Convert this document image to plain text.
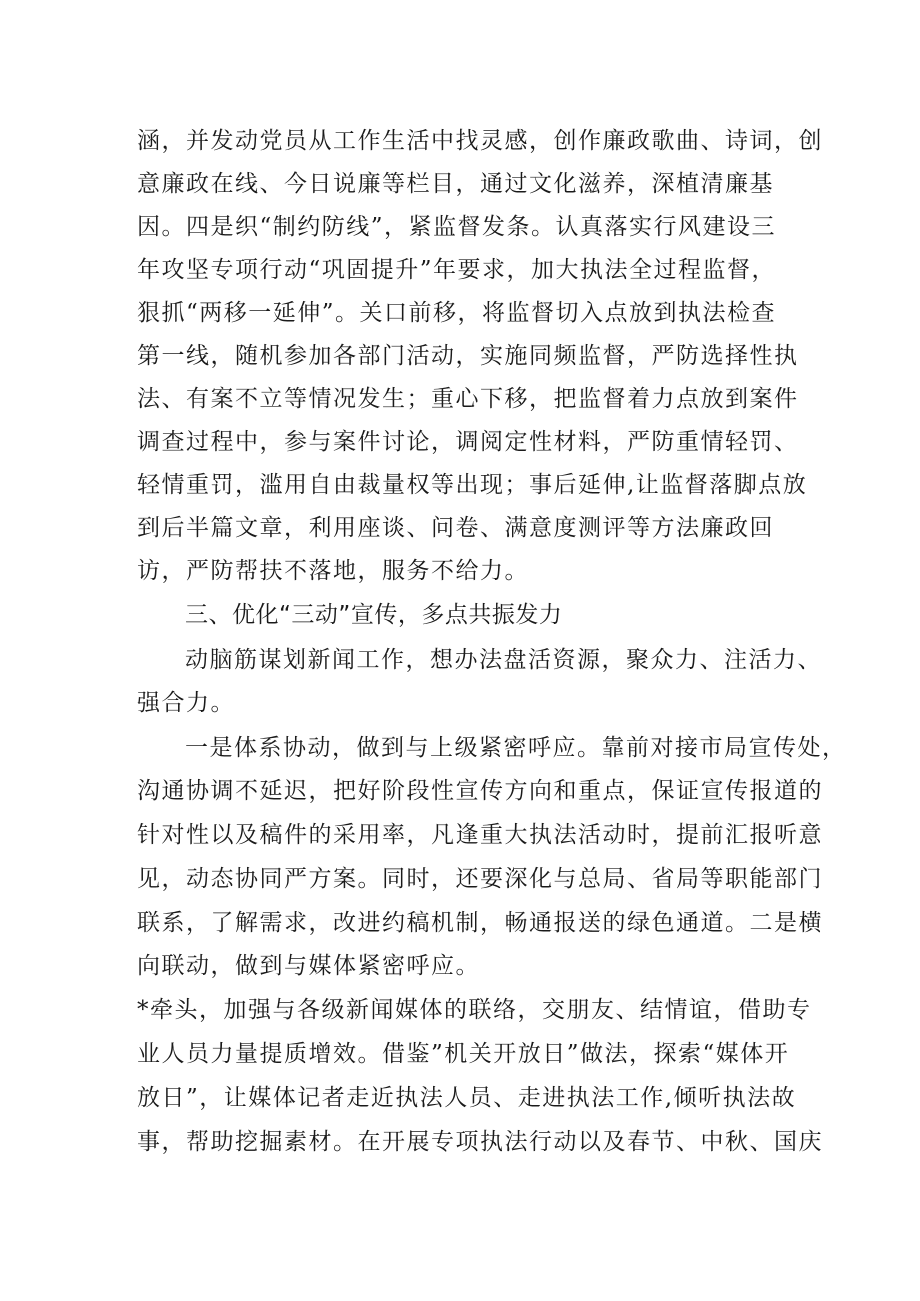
涵，并发动党员从工作生活中找灵感，创作廉政歌曲、诗词，创
意廉政在线、今日说廉等栏目，通过文化滋养，深植清廉基
因。四是织“制约防线”，紧监督发条。认真落实行风建设三
年攻坚专项行动“巩固提升”年要求，加大执法全过程监督，
狠抓“两移一延伸”。关口前移，将监督切入点放到执法检查
第一线，随机参加各部门活动，实施同频监督，严防选择性执
法、有案不立等情况发生；重心下移，把监督着力点放到案件
调查过程中，参与案件讨论，调阅定性材料，严防重情轻罚、
轻情重罚，滥用自由裁量权等出现；事后延伸,让监督落脚点放
到后半篇文章，利用座谈、问卷、满意度测评等方法廉政回
访，严防帮扶不落地，服务不给力。
三、优化“三动”宣传，多点共振发力
动脑筋谋划新闻工作，想办法盘活资源，聚众力、注活力、
强合力。
一是体系协动，做到与上级紧密呼应。靠前对接市局宣传处，
沟通协调不延迟，把好阶段性宣传方向和重点，保证宣传报道的
针对性以及稿件的采用率，凡逢重大执法活动时，提前汇报听意
见，动态协同严方案。同时，还要深化与总局、省局等职能部门
联系，了解需求，改进约稿机制，畅通报送的绿色通道。二是横
向联动，做到与媒体紧密呼应。
*牵头，加强与各级新闻媒体的联络，交朋友、结情谊，借助专
业人员力量提质增效。借鉴”机关开放日”做法，探索“媒体开
放日”，让媒体记者走近执法人员、走进执法工作,倾听执法故
事，帮助挖掘素材。在开展专项执法行动以及春节、中秋、国庆
